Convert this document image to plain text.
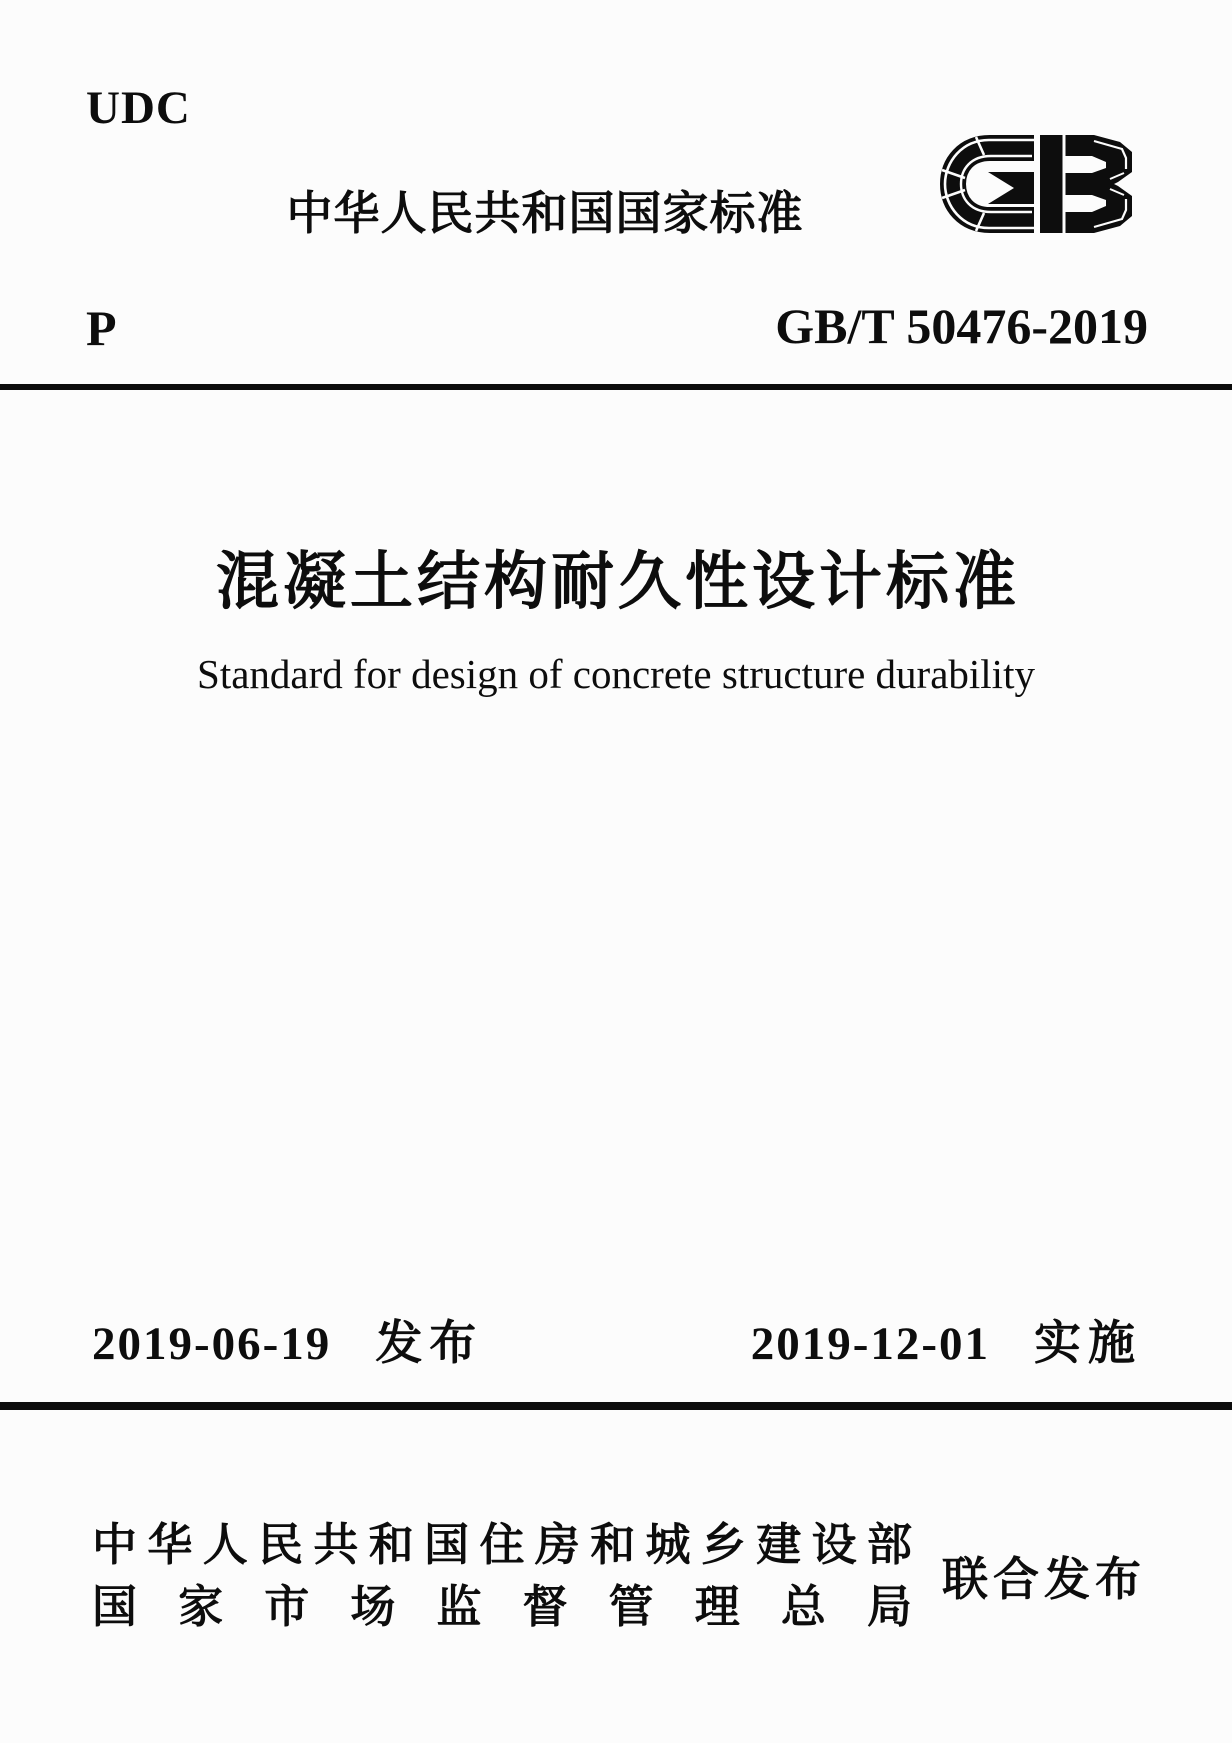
UDC
中华人民共和国国家标准
P	GB/T 50476-2019
混凝土结构耐久性设计标准
Standard for design of concrete structure durability
2019-06-19 发布	2019-12-01 实施
中华人民共和国住房和城乡建设部
国家市场监督管理总局
联合发布
